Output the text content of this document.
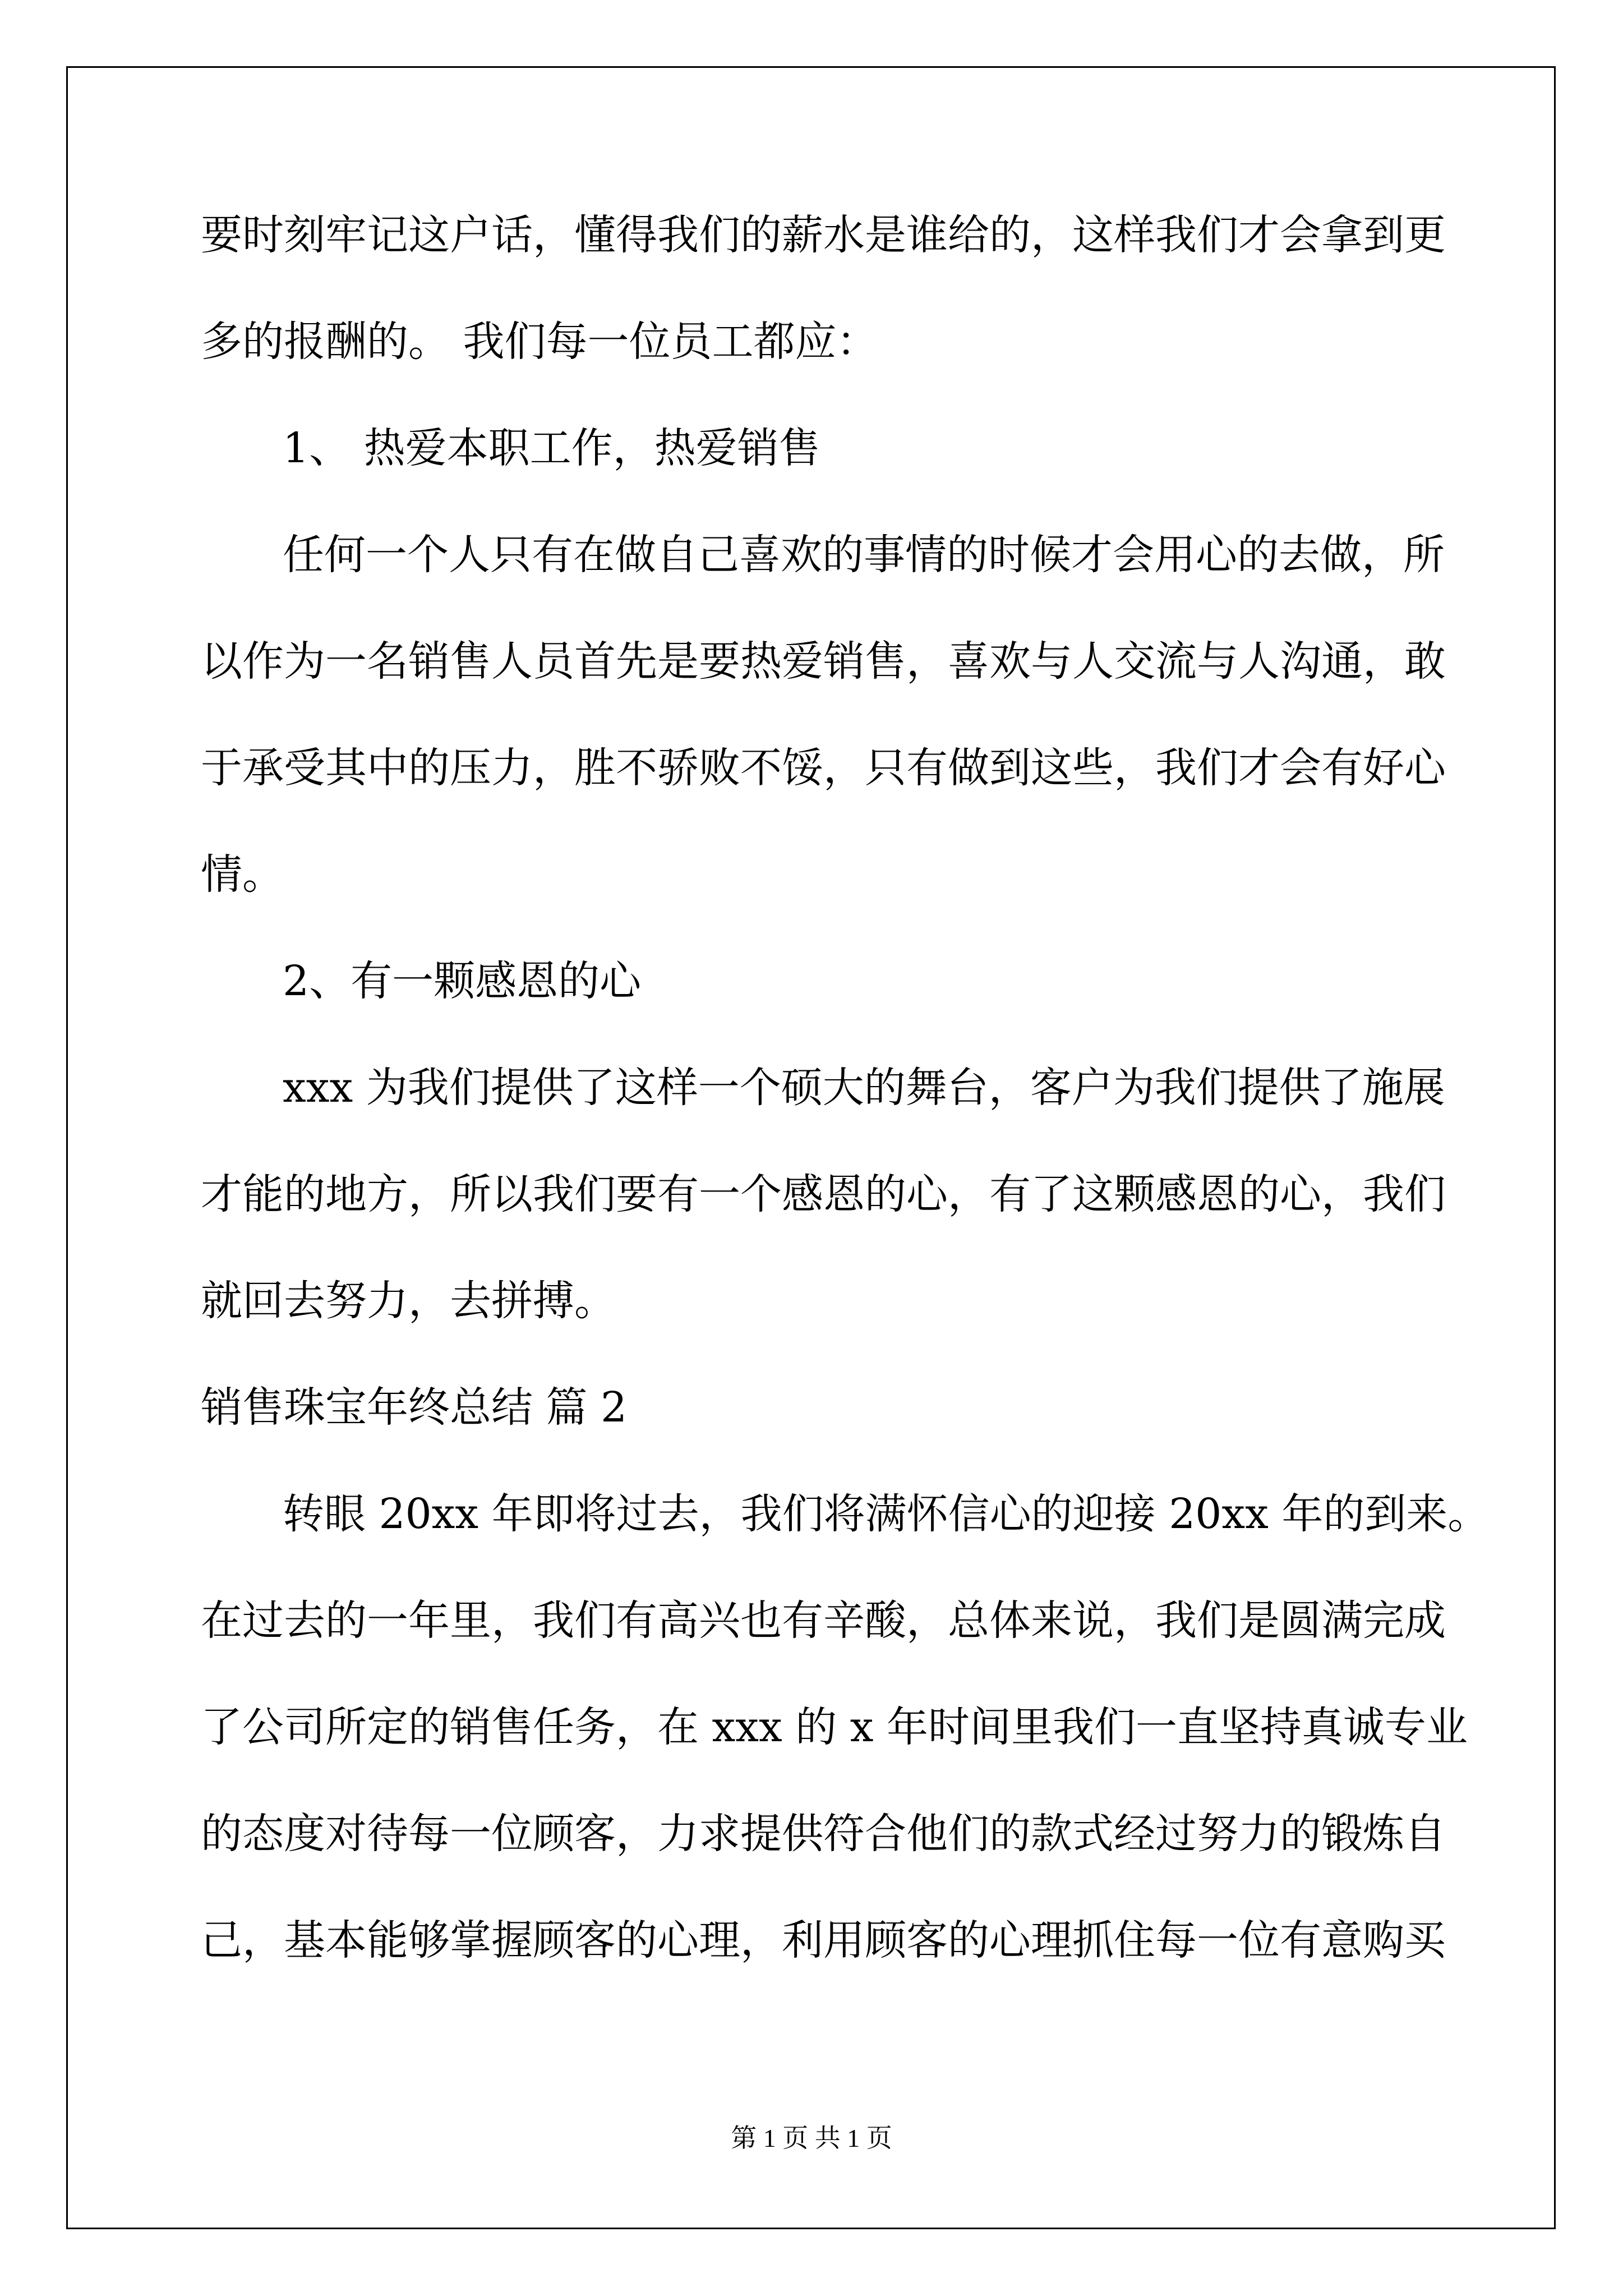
要时刻牢记这户话，懂得我们的薪水是谁给的，这样我们才会拿到更
多的报酬的。 我们每一位员工都应：
1、 热爱本职工作，热爱销售
任何一个人只有在做自己喜欢的事情的时候才会用心的去做，所
以作为一名销售人员首先是要热爱销售，喜欢与人交流与人沟通，敢
于承受其中的压力，胜不骄败不馁，只有做到这些，我们才会有好心
情。
2、有一颗感恩的心
xxx 为我们提供了这样一个硕大的舞台，客户为我们提供了施展
才能的地方，所以我们要有一个感恩的心，有了这颗感恩的心，我们
就回去努力，去拼搏。
销售珠宝年终总结 篇 2
转眼 20xx 年即将过去，我们将满怀信心的迎接 20xx 年的到来。
在过去的一年里，我们有高兴也有辛酸，总体来说，我们是圆满完成
了公司所定的销售任务，在 xxx 的 x 年时间里我们一直坚持真诚专业
的态度对待每一位顾客，力求提供符合他们的款式经过努力的锻炼自
己，基本能够掌握顾客的心理，利用顾客的心理抓住每一位有意购买
第 1 页 共 1 页
